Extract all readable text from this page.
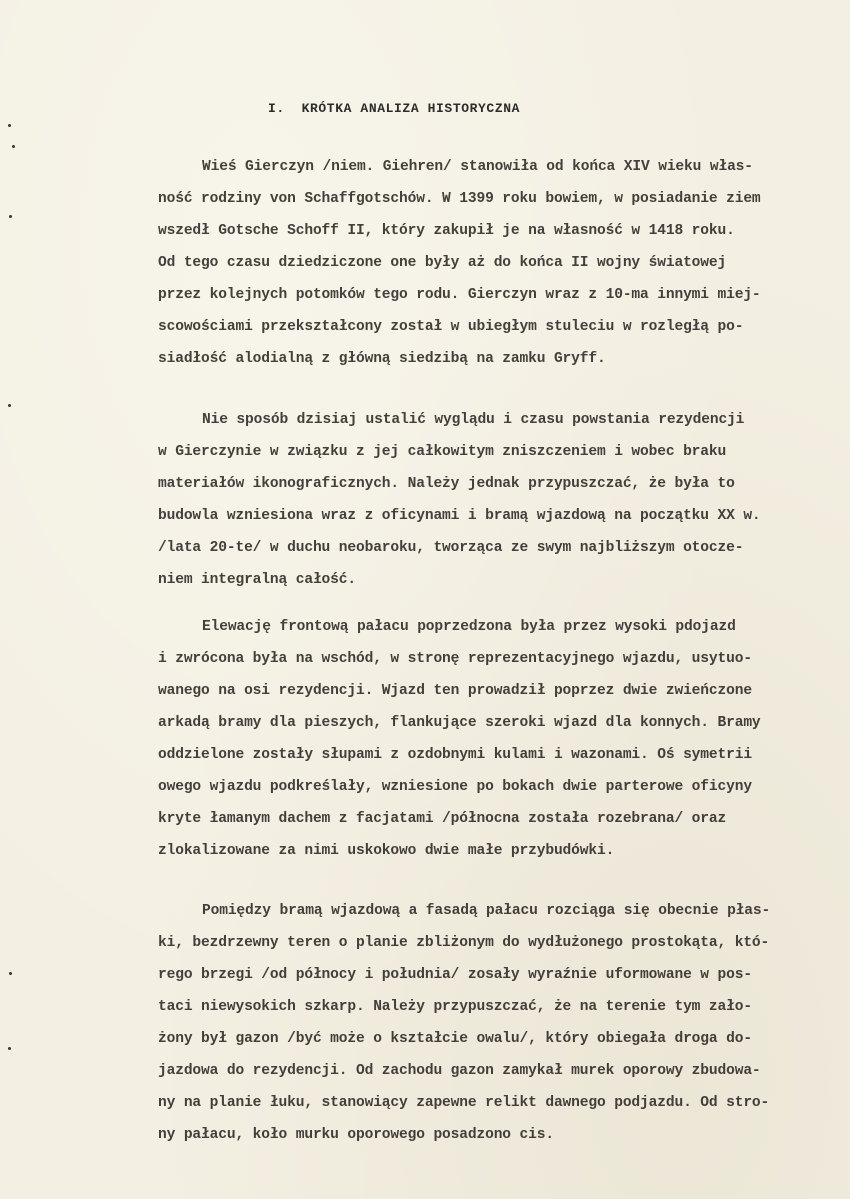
I.  KRÓTKA ANALIZA HISTORYCZNA
Wieś Gierczyn /niem. Giehren/ stanowiła od końca XIV wieku włas-
ność rodziny von Schaffgotschów. W 1399 roku bowiem, w posiadanie ziem
wszedł Gotsche Schoff II, który zakupił je na własność w 1418 roku.
Od tego czasu dziedziczone one były aż do końca II wojny światowej
przez kolejnych potomków tego rodu. Gierczyn wraz z 10-ma innymi miej-
scowościami przekształcony został w ubiegłym stuleciu w rozległą po-
siadłość alodialną z główną siedzibą na zamku Gryff.
Nie sposób dzisiaj ustalić wyglądu i czasu powstania rezydencji
w Gierczynie w związku z jej całkowitym zniszczeniem i wobec braku
materiałów ikonograficznych. Należy jednak przypuszczać, że była to
budowla wzniesiona wraz z oficynami i bramą wjazdową na początku XX w.
/lata 20-te/ w duchu neobaroku, tworząca ze swym najbliższym otocze-
niem integralną całość.
Elewację frontową pałacu poprzedzona była przez wysoki pdojazd
i zwrócona była na wschód, w stronę reprezentacyjnego wjazdu, usytuo-
wanego na osi rezydencji. Wjazd ten prowadził poprzez dwie zwieńczone
arkadą bramy dla pieszych, flankujące szeroki wjazd dla konnych. Bramy
oddzielone zostały słupami z ozdobnymi kulami i wazonami. Oś symetrii
owego wjazdu podkreślały, wzniesione po bokach dwie parterowe oficyny
kryte łamanym dachem z facjatami /północna została rozebrana/ oraz
zlokalizowane za nimi uskokowo dwie małe przybudówki.
Pomiędzy bramą wjazdową a fasadą pałacu rozciąga się obecnie płas-
ki, bezdrzewny teren o planie zbliżonym do wydłużonego prostokąta, któ-
rego brzegi /od północy i południa/ zosały wyraźnie uformowane w pos-
taci niewysokich szkarp. Należy przypuszczać, że na terenie tym zało-
żony był gazon /być może o kształcie owalu/, który obiegała droga do-
jazdowa do rezydencji. Od zachodu gazon zamykał murek oporowy zbudowa-
ny na planie łuku, stanowiący zapewne relikt dawnego podjazdu. Od stro-
ny pałacu, koło murku oporowego posadzono cis.
